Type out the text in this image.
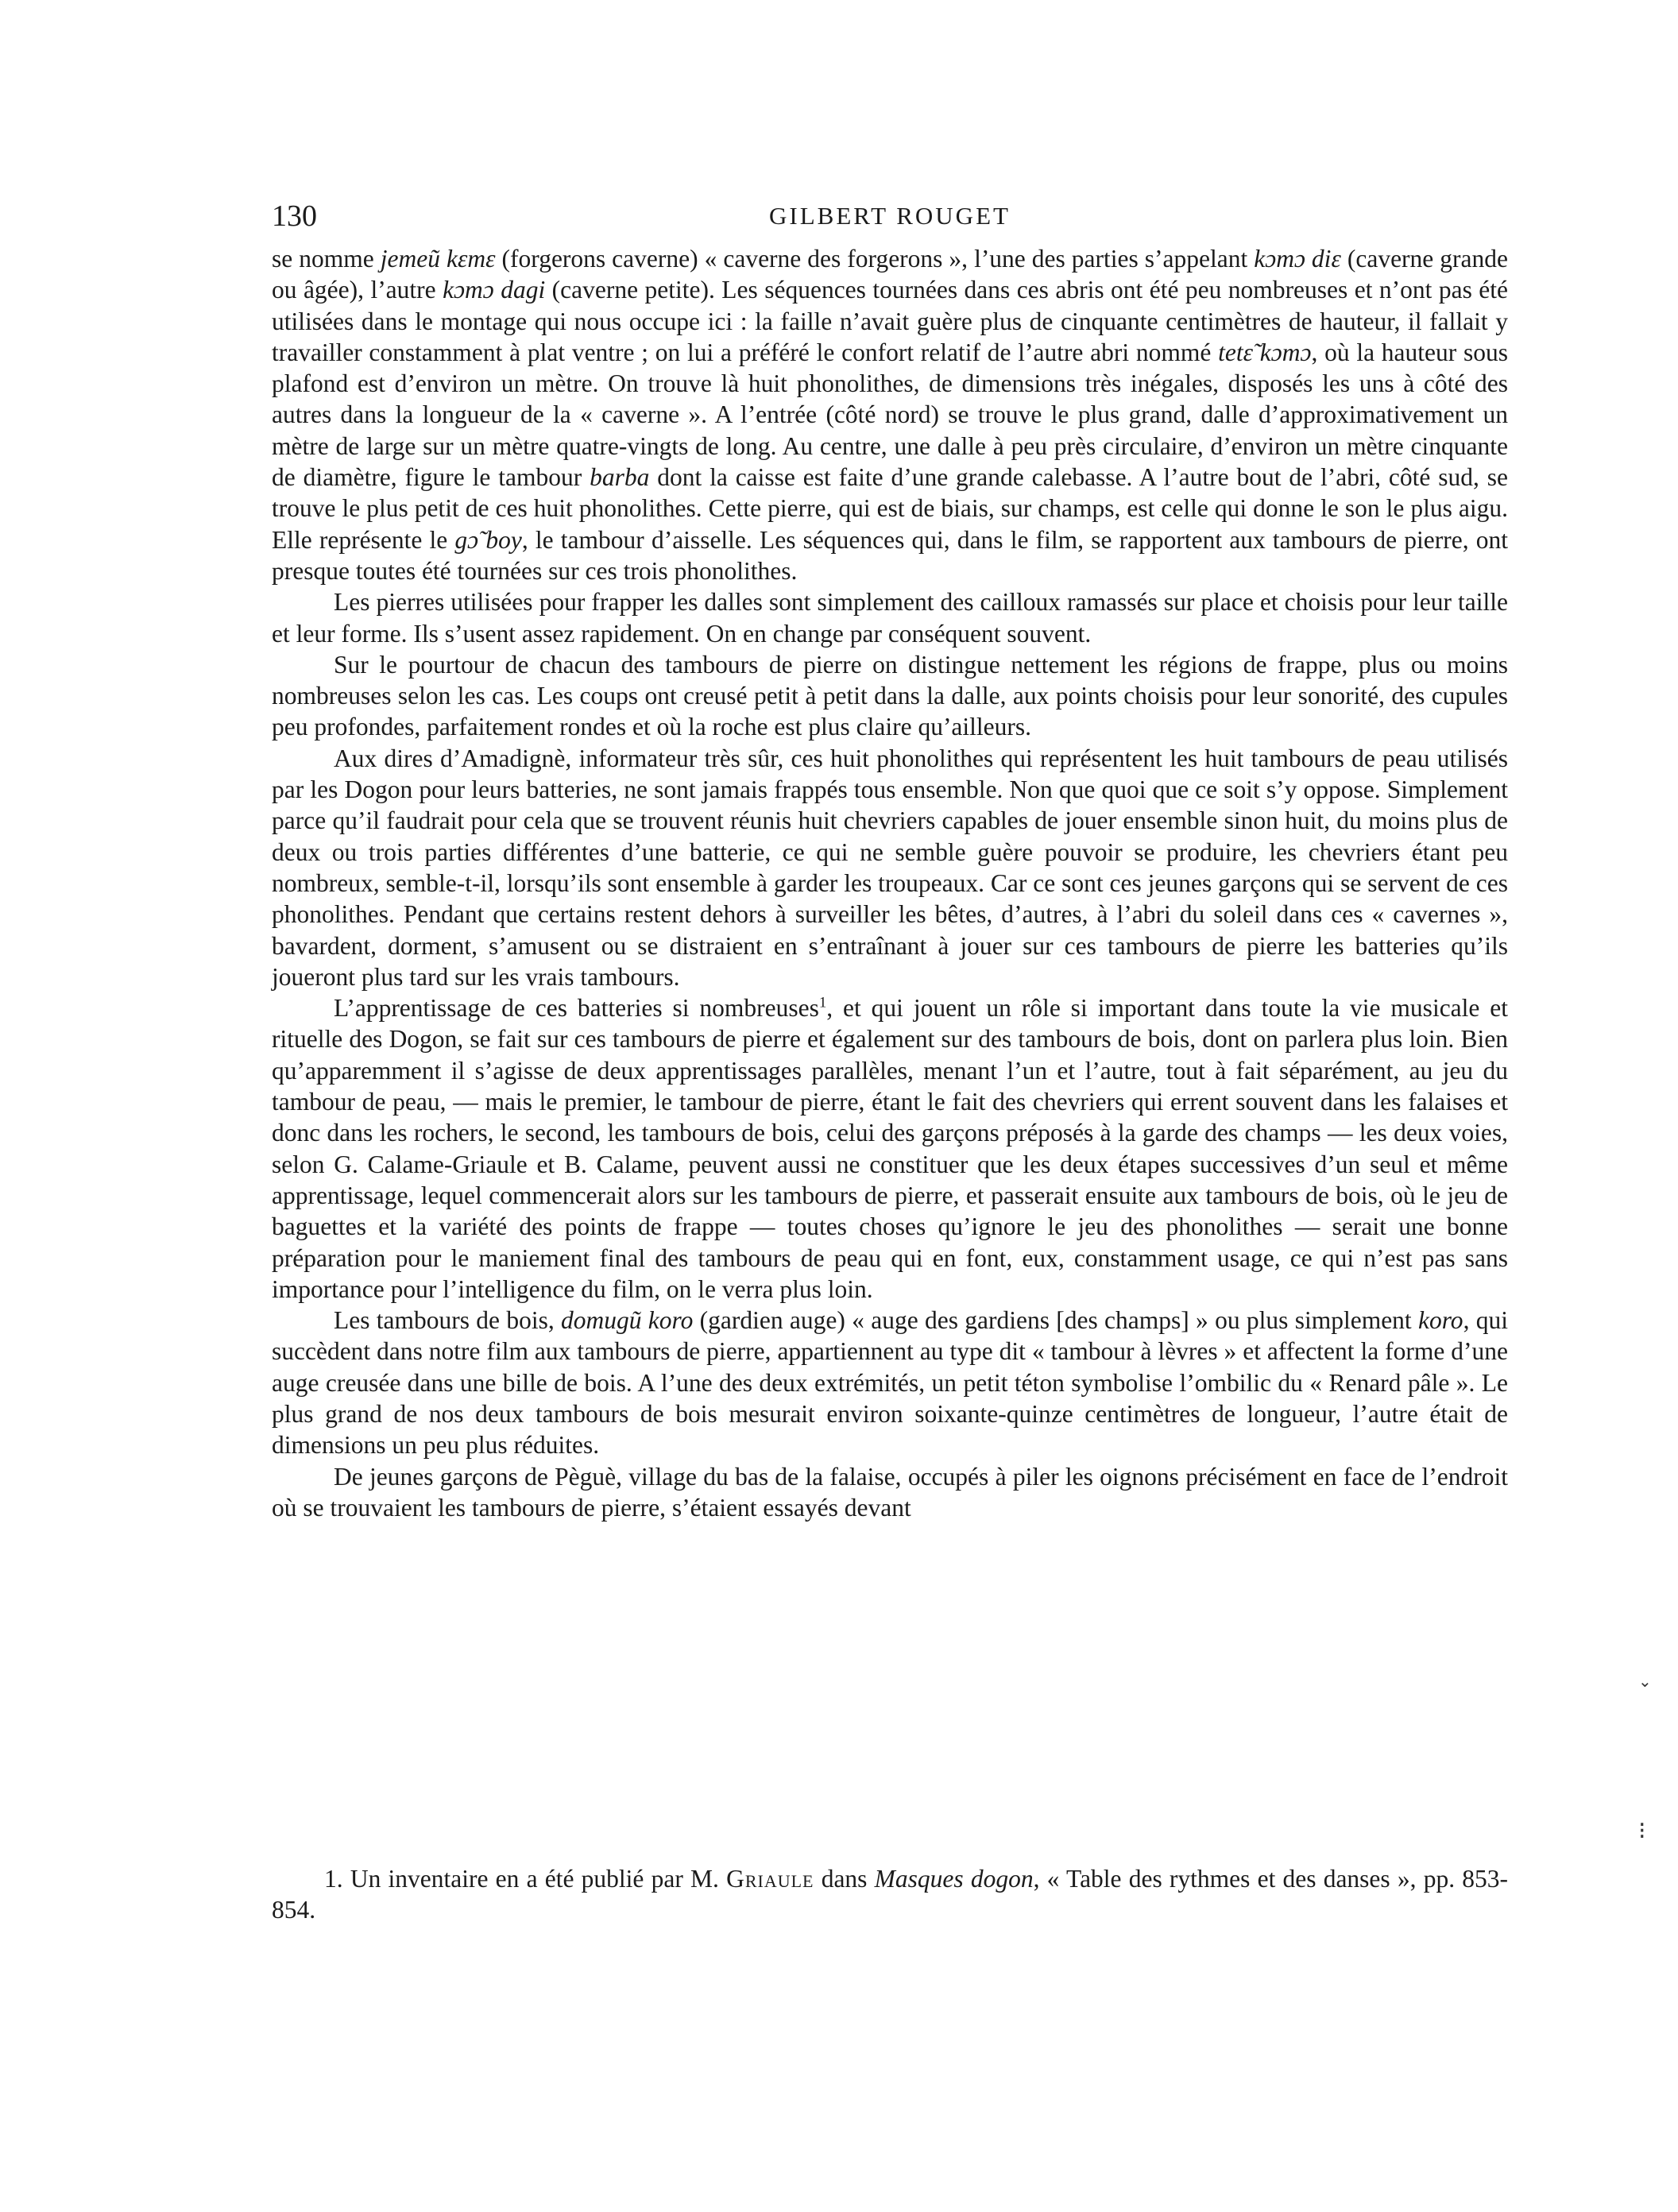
130	GILBERT ROUGET

se nomme jemeũ kɛmɛ (forgerons caverne) « caverne des forgerons », l’une des parties s’appelant kɔmɔ diɛ (caverne grande ou âgée), l’autre kɔmɔ dagi (caverne petite). Les séquences tournées dans ces abris ont été peu nombreuses et n’ont pas été utilisées dans le montage qui nous occupe ici : la faille n’avait guère plus de cinquante centimètres de hauteur, il fallait y travailler constamment à plat ventre ; on lui a préféré le confort relatif de l’autre abri nommé tetɛ̃ kɔmɔ, où la hauteur sous plafond est d’environ un mètre. On trouve là huit phonolithes, de dimensions très inégales, disposés les uns à côté des autres dans la longueur de la « caverne ». A l’entrée (côté nord) se trouve le plus grand, dalle d’approximativement un mètre de large sur un mètre quatre-vingts de long. Au centre, une dalle à peu près circulaire, d’environ un mètre cinquante de diamètre, figure le tambour barba dont la caisse est faite d’une grande calebasse. A l’autre bout de l’abri, côté sud, se trouve le plus petit de ces huit phonolithes. Cette pierre, qui est de biais, sur champs, est celle qui donne le son le plus aigu. Elle représente le gɔ̃ boy, le tambour d’aisselle. Les séquences qui, dans le film, se rapportent aux tambours de pierre, ont presque toutes été tournées sur ces trois phonolithes.

Les pierres utilisées pour frapper les dalles sont simplement des cailloux ramassés sur place et choisis pour leur taille et leur forme. Ils s’usent assez rapidement. On en change par conséquent souvent.

Sur le pourtour de chacun des tambours de pierre on distingue nettement les régions de frappe, plus ou moins nombreuses selon les cas. Les coups ont creusé petit à petit dans la dalle, aux points choisis pour leur sonorité, des cupules peu profondes, parfaitement rondes et où la roche est plus claire qu’ailleurs.

Aux dires d’Amadignè, informateur très sûr, ces huit phonolithes qui représentent les huit tambours de peau utilisés par les Dogon pour leurs batteries, ne sont jamais frappés tous ensemble. Non que quoi que ce soit s’y oppose. Simplement parce qu’il faudrait pour cela que se trouvent réunis huit chevriers capables de jouer ensemble sinon huit, du moins plus de deux ou trois parties différentes d’une batterie, ce qui ne semble guère pouvoir se produire, les chevriers étant peu nombreux, semble-t-il, lorsqu’ils sont ensemble à garder les troupeaux. Car ce sont ces jeunes garçons qui se servent de ces phonolithes. Pendant que certains restent dehors à surveiller les bêtes, d’autres, à l’abri du soleil dans ces « cavernes », bavardent, dorment, s’amusent ou se distraient en s’entraînant à jouer sur ces tambours de pierre les batteries qu’ils joueront plus tard sur les vrais tambours.

L’apprentissage de ces batteries si nombreuses$^1$, et qui jouent un rôle si important dans toute la vie musicale et rituelle des Dogon, se fait sur ces tambours de pierre et également sur des tambours de bois, dont on parlera plus loin. Bien qu’apparemment il s’agisse de deux apprentissages parallèles, menant l’un et l’autre, tout à fait séparément, au jeu du tambour de peau, — mais le premier, le tambour de pierre, étant le fait des chevriers qui errent souvent dans les falaises et donc dans les rochers, le second, les tambours de bois, celui des garçons préposés à la garde des champs — les deux voies, selon G. Calame-Griaule et B. Calame, peuvent aussi ne constituer que les deux étapes successives d’un seul et même apprentissage, lequel commencerait alors sur les tambours de pierre, et passerait ensuite aux tambours de bois, où le jeu de baguettes et la variété des points de frappe — toutes choses qu’ignore le jeu des phonolithes — serait une bonne préparation pour le maniement final des tambours de peau qui en font, eux, constamment usage, ce qui n’est pas sans importance pour l’intelligence du film, on le verra plus loin.

Les tambours de bois, domugũ koro (gardien auge) « auge des gardiens [des champs] » ou plus simplement koro, qui succèdent dans notre film aux tambours de pierre, appartiennent au type dit « tambour à lèvres » et affectent la forme d’une auge creusée dans une bille de bois. A l’une des deux extrémités, un petit téton symbolise l’ombilic du « Renard pâle ». Le plus grand de nos deux tambours de bois mesurait environ soixante-quinze centimètres de longueur, l’autre était de dimensions un peu plus réduites.

De jeunes garçons de Pèguè, village du bas de la falaise, occupés à piler les oignons précisément en face de l’endroit où se trouvaient les tambours de pierre, s’étaient essayés devant

1. Un inventaire en a été publié par M. Griaule dans Masques dogon, « Table des rythmes et des danses », pp. 853-854.

⌄
⁝
